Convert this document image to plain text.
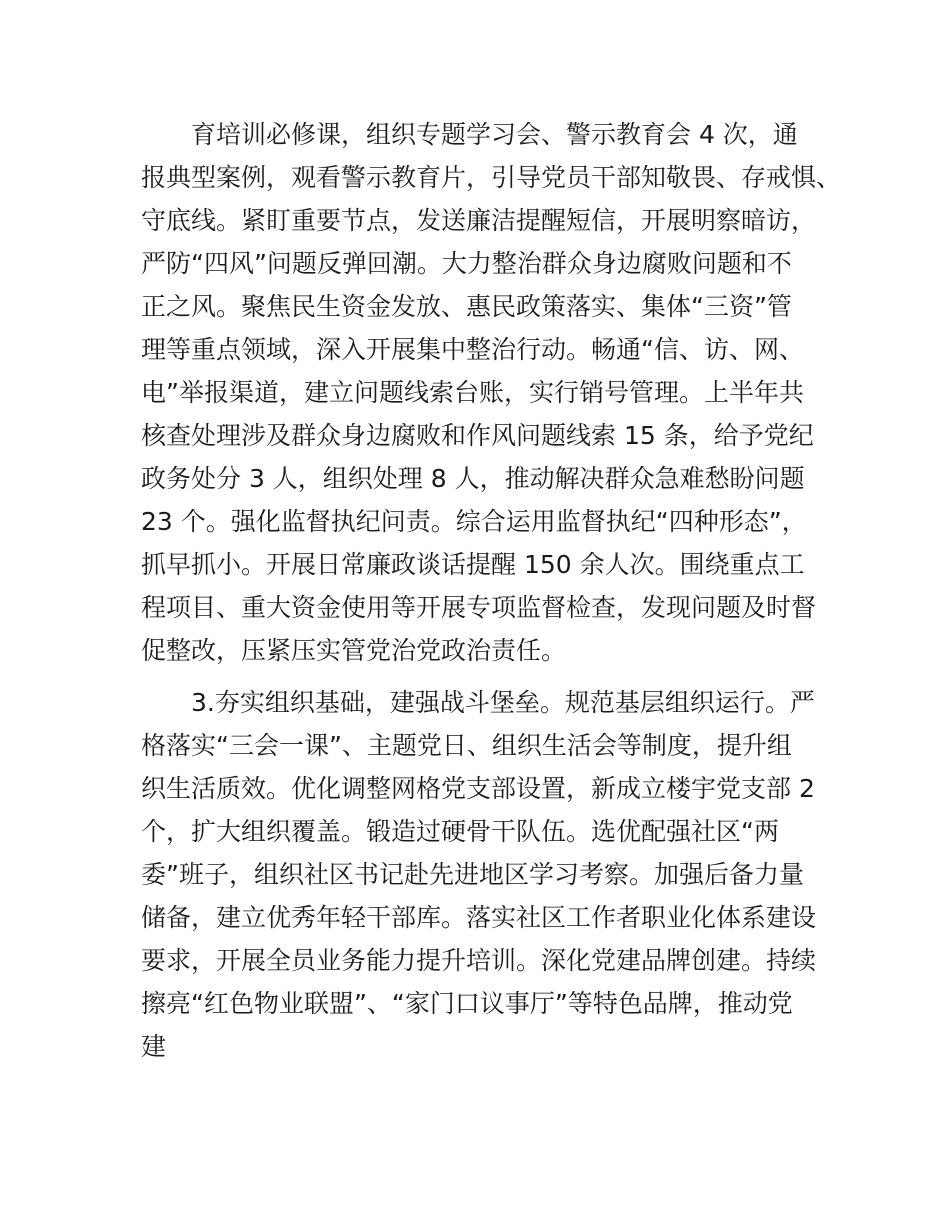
育培训必修课，组织专题学习会、警示教育会 4 次，通
报典型案例，观看警示教育片，引导党员干部知敬畏、存戒惧、
守底线。紧盯重要节点，发送廉洁提醒短信，开展明察暗访，
严防“四风”问题反弹回潮。大力整治群众身边腐败问题和不
正之风。聚焦民生资金发放、惠民政策落实、集体“三资”管
理等重点领域，深入开展集中整治行动。畅通“信、访、网、
电”举报渠道，建立问题线索台账，实行销号管理。上半年共
核查处理涉及群众身边腐败和作风问题线索 15 条，给予党纪
政务处分 3 人，组织处理 8 人，推动解决群众急难愁盼问题
23 个。强化监督执纪问责。综合运用监督执纪“四种形态”，
抓早抓小。开展日常廉政谈话提醒 150 余人次。围绕重点工
程项目、重大资金使用等开展专项监督检查，发现问题及时督
促整改，压紧压实管党治党政治责任。
3.夯实组织基础，建强战斗堡垒。规范基层组织运行。严
格落实“三会一课”、主题党日、组织生活会等制度，提升组
织生活质效。优化调整网格党支部设置，新成立楼宇党支部 2
个，扩大组织覆盖。锻造过硬骨干队伍。选优配强社区“两
委”班子，组织社区书记赴先进地区学习考察。加强后备力量
储备，建立优秀年轻干部库。落实社区工作者职业化体系建设
要求，开展全员业务能力提升培训。深化党建品牌创建。持续
擦亮“红色物业联盟”、“家门口议事厅”等特色品牌，推动党
建
